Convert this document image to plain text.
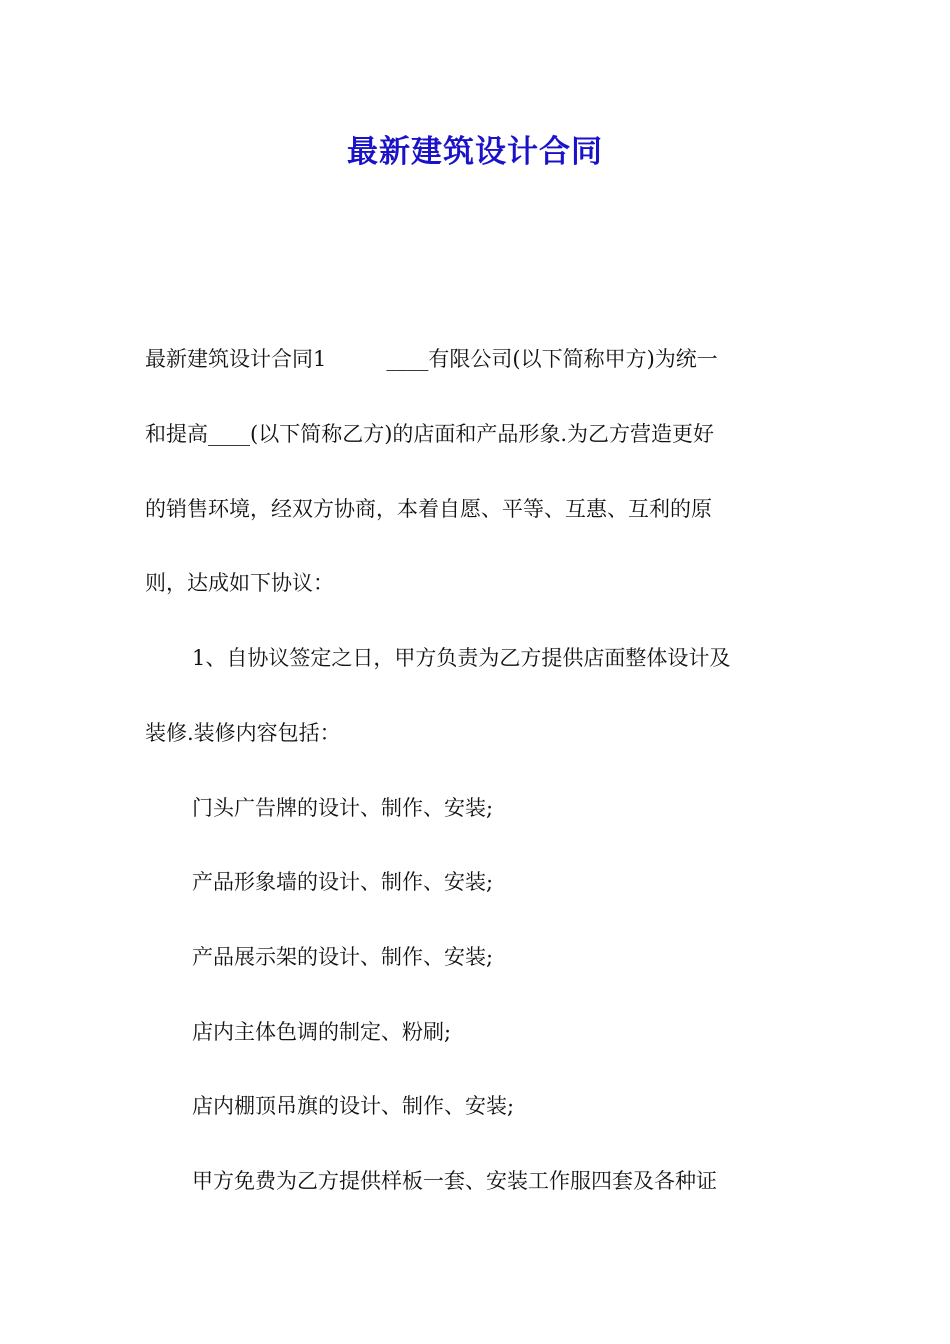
最新建筑设计合同
最新建筑设计合同1	____有限公司(以下简称甲方)为统一
和提高____(以下简称乙方)的店面和产品形象.为乙方营造更好
的销售环境，经双方协商，本着自愿、平等、互惠、互利的原
则，达成如下协议：
1、自协议签定之日，甲方负责为乙方提供店面整体设计及
装修.装修内容包括：
门头广告牌的设计、制作、安装;
产品形象墙的设计、制作、安装;
产品展示架的设计、制作、安装;
店内主体色调的制定、粉刷;
店内棚顶吊旗的设计、制作、安装;
甲方免费为乙方提供样板一套、安装工作服四套及各种证
